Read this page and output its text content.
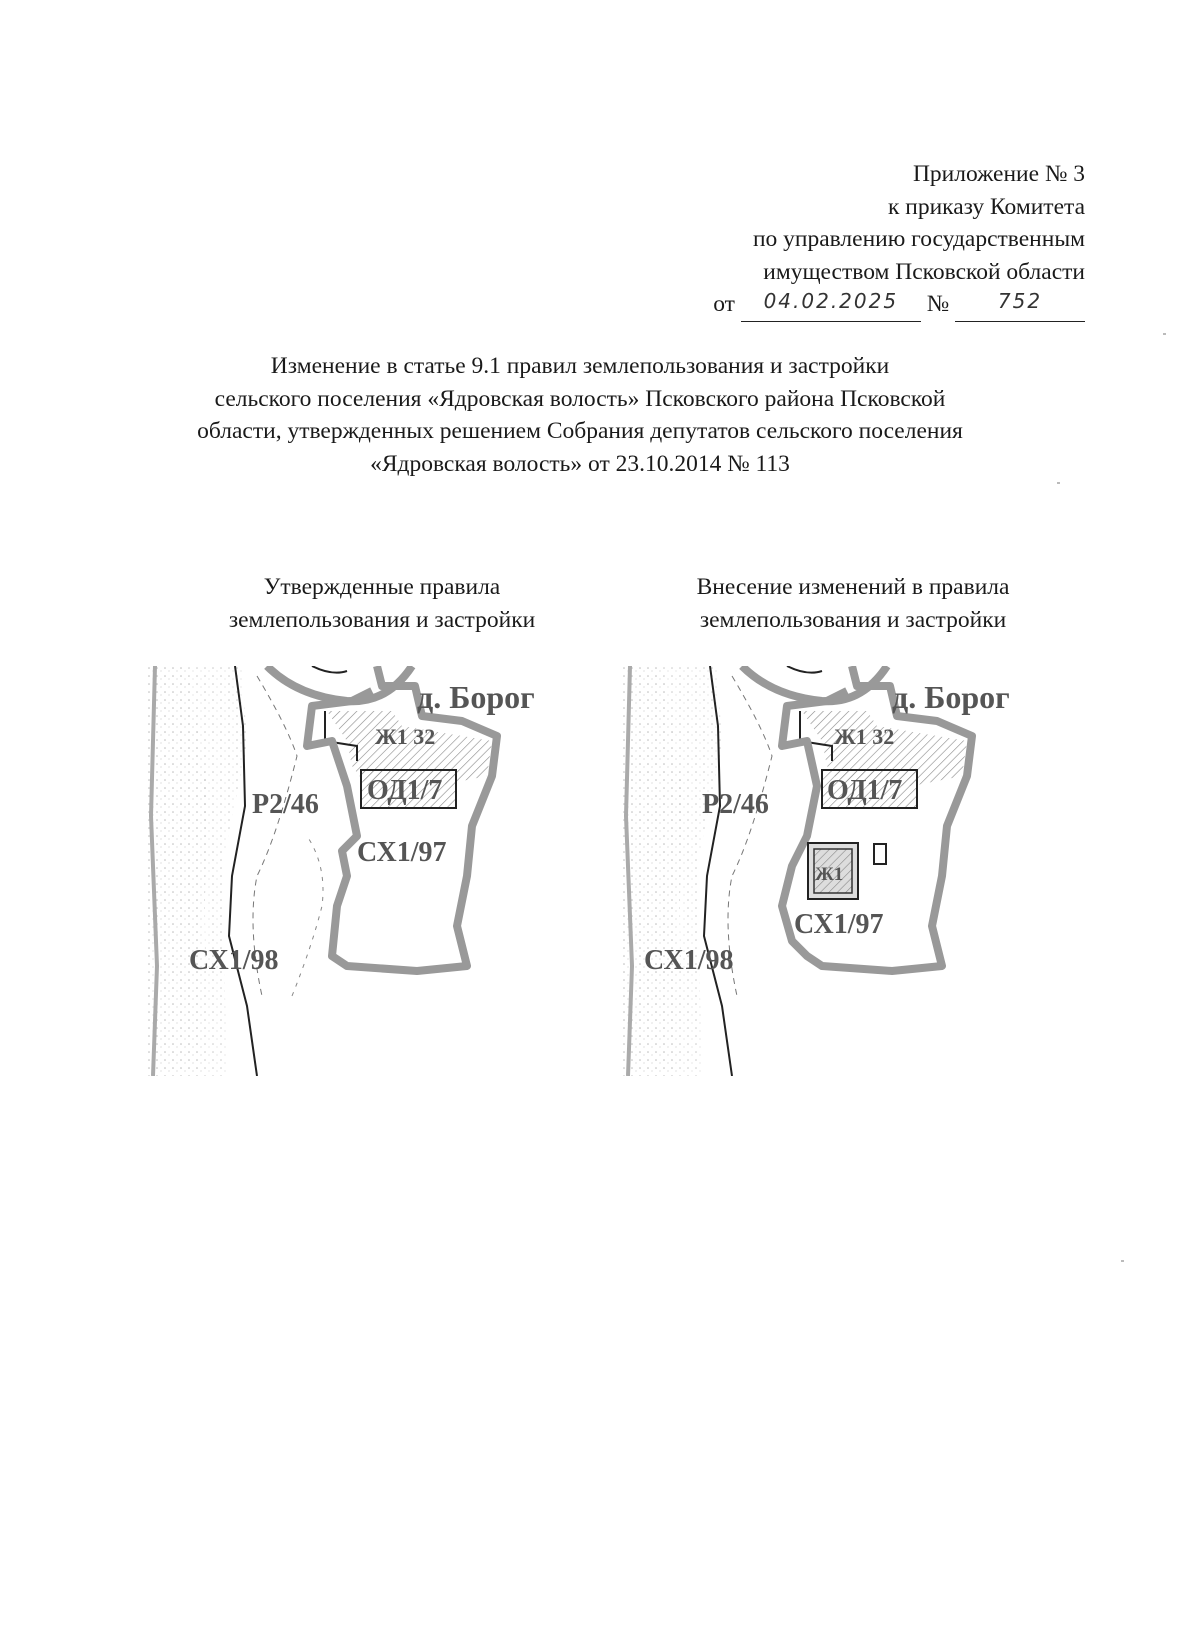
Приложение № 3
к приказу Комитета
по управлению государственным
имуществом Псковской области
от 04.02.2025 № 752
Изменение в статье 9.1 правил землепользования и застройки
сельского поселения «Ядровская волость» Псковского района Псковской
области, утвержденных решением Собрания депутатов сельского поселения
«Ядровская волость» от 23.10.2014 № 113
Утвержденные правила
землепользования и застройки
Внесение изменений в правила
землепользования и застройки
д. Борог
Ж1 32
ОД1/7
Р2/46
СХ1/97
СХ1/98
д. Борог
Ж1 32
ОД1/7
Р2/46
Ж1
СХ1/97
СХ1/98
